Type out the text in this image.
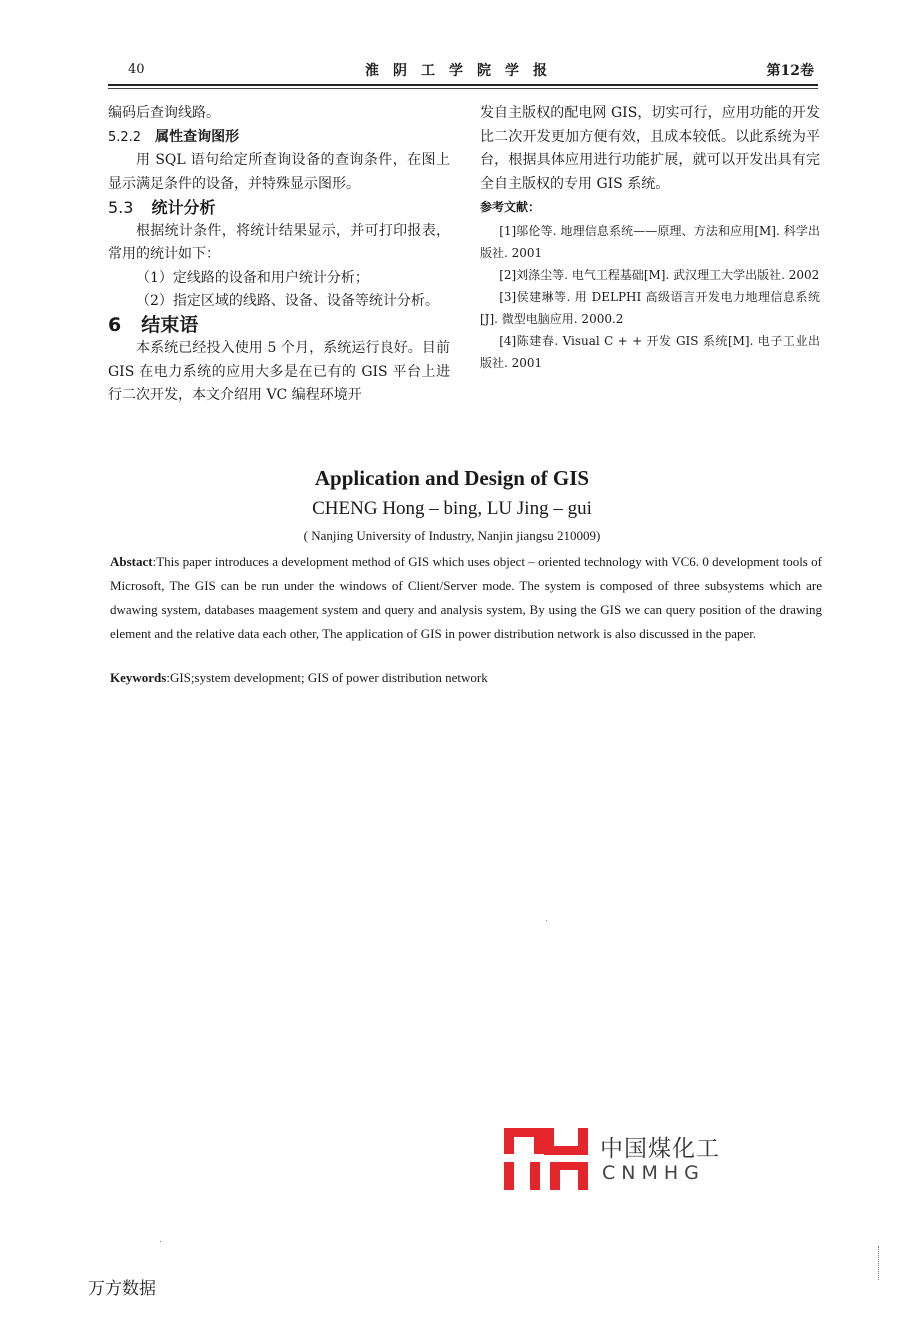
40	淮阴工学院学报	第12卷

编码后查询线路。

5.2.2 属性查询图形

用 SQL 语句给定所查询设备的查询条件，在图上显示满足条件的设备，并特殊显示图形。

5.3 统计分析

根据统计条件，将统计结果显示，并可打印报表，常用的统计如下：

（1）定线路的设备和用户统计分析；

（2）指定区域的线路、设备、设备等统计分析。

6 结束语

本系统已经投入使用 5 个月，系统运行良好。目前 GIS 在电力系统的应用大多是在已有的 GIS 平台上进行二次开发，本文介绍用 VC 编程环境开

发自主版权的配电网 GIS，切实可行，应用功能的开发比二次开发更加方便有效，且成本较低。以此系统为平台，根据具体应用进行功能扩展，就可以开发出具有完全自主版权的专用 GIS 系统。

参考文献：

[1]邬伦等. 地理信息系统——原理、方法和应用[M]. 科学出版社. 2001

[2]刘涤尘等. 电气工程基础[M]. 武汉理工大学出版社. 2002

[3]侯建琳等. 用 DELPHI 高级语言开发电力地理信息系统[J]. 微型电脑应用. 2000.2

[4]陈建春. Visual C + + 开发 GIS 系统[M]. 电子工业出版社. 2001

Application and Design of GIS
CHENG Hong – bing, LU Jing – gui
( Nanjing University of Industry, Nanjin jiangsu 210009)
Abstact:This paper introduces a development method of GIS which uses object – oriented technology with VC6. 0 development tools of Microsoft, The GIS can be run under the windows of Client/Server mode. The system is composed of three subsystems which are dwawing system, databases maagement system and query and analysis system, By using the GIS we can query position of the drawing element and the relative data each other, The application of GIS in power distribution network is also discussed in the paper.
Keywords:GIS;system development; GIS of power distribution network
中国煤化工
CNMHG
万方数据
